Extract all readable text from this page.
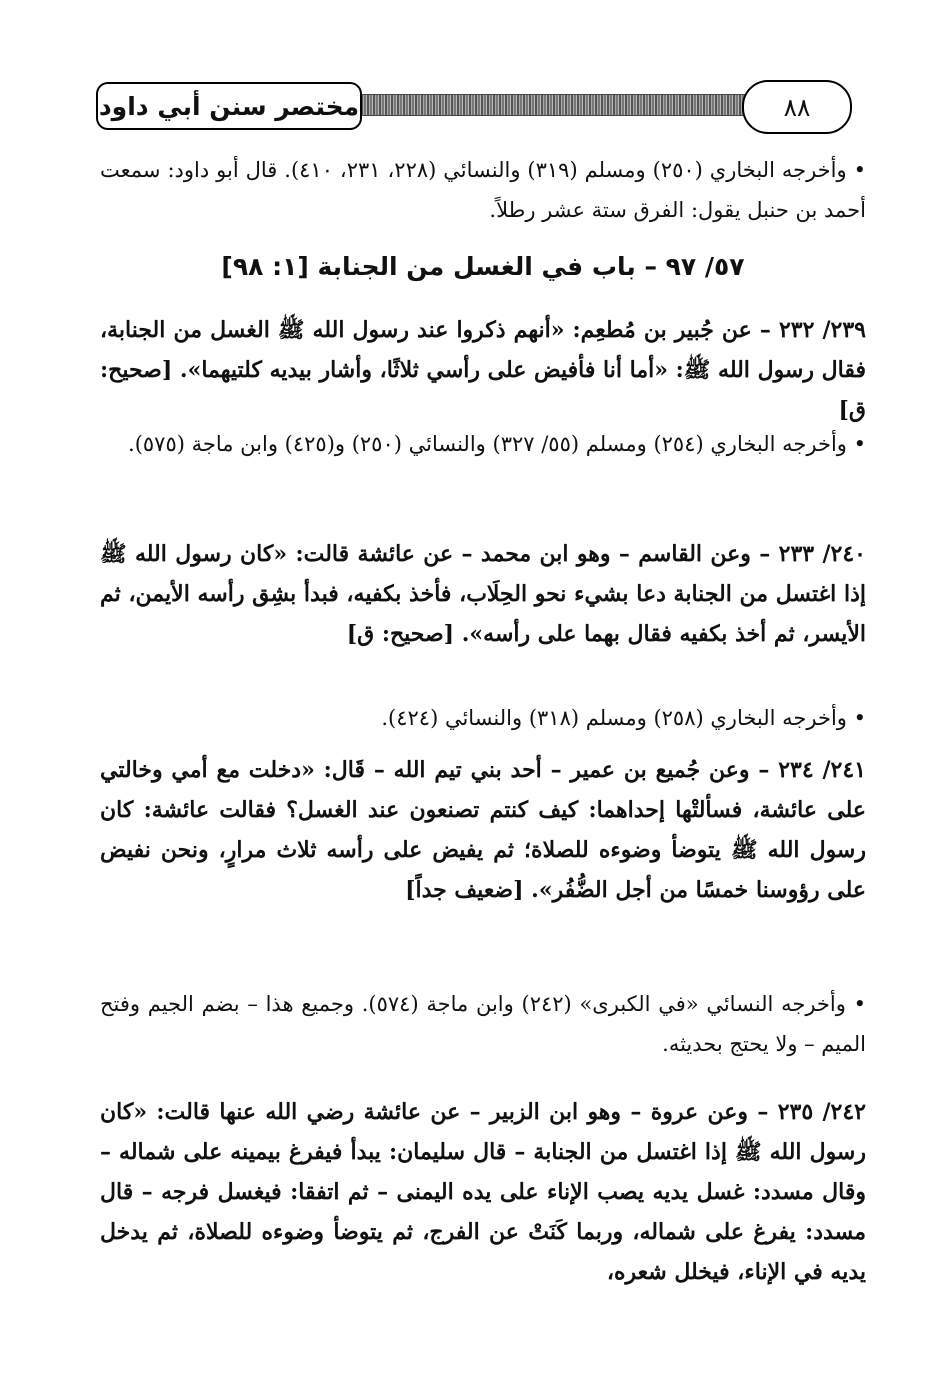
مختصر سنن أبي داود	٨٨
• وأخرجه البخاري (٢٥٠) ومسلم (٣١٩) والنسائي (٢٢٨، ٢٣١، ٤١٠). قال أبو داود: سمعت أحمد بن حنبل يقول: الفرق ستة عشر رطلاً.
٥٧/ ٩٧ – باب في الغسل من الجنابة [١: ٩٨]
٢٣٩/ ٢٣٢ – عن جُبير بن مُطعِم: «أنهم ذكروا عند رسول الله ﷺ الغسل من الجنابة، فقال رسول الله ﷺ: «أما أنا فأفيض على رأسي ثلاثًا، وأشار بيديه كلتيهما». [صحيح: ق]
• وأخرجه البخاري (٢٥٤) ومسلم (٥٥/ ٣٢٧) والنسائي (٢٥٠) و(٤٢٥) وابن ماجة (٥٧٥).
٢٤٠/ ٢٣٣ – وعن القاسم – وهو ابن محمد – عن عائشة قالت: «كان رسول الله ﷺ إذا اغتسل من الجنابة دعا بشيء نحو الحِلَاب، فأخذ بكفيه، فبدأ بشِق رأسه الأيمن، ثم الأيسر، ثم أخذ بكفيه فقال بهما على رأسه». [صحيح: ق]
• وأخرجه البخاري (٢٥٨) ومسلم (٣١٨) والنسائي (٤٢٤).
٢٤١/ ٢٣٤ – وعن جُميع بن عمير – أحد بني تيم الله – قَال: «دخلت مع أمي وخالتي على عائشة، فسألتْها إحداهما: كيف كنتم تصنعون عند الغسل؟ فقالت عائشة: كان رسول الله ﷺ يتوضأ وضوءه للصلاة؛ ثم يفيض على رأسه ثلاث مرارٍ، ونحن نفيض على رؤوسنا خمسًا من أجل الضُّفُر». [ضعيف جداً]
• وأخرجه النسائي «في الكبرى» (٢٤٢) وابن ماجة (٥٧٤). وجميع هذا – بضم الجيم وفتح الميم – ولا يحتج بحديثه.
٢٤٢/ ٢٣٥ – وعن عروة – وهو ابن الزبير – عن عائشة رضي الله عنها قالت: «كان رسول الله ﷺ إذا اغتسل من الجنابة – قال سليمان: يبدأ فيفرغ بيمينه على شماله – وقال مسدد: غسل يديه يصب الإناء على يده اليمنى – ثم اتفقا: فيغسل فرجه – قال مسدد: يفرغ على شماله، وربما كَنَتْ عن الفرج، ثم يتوضأ وضوءه للصلاة، ثم يدخل يديه في الإناء، فيخلل شعره،
